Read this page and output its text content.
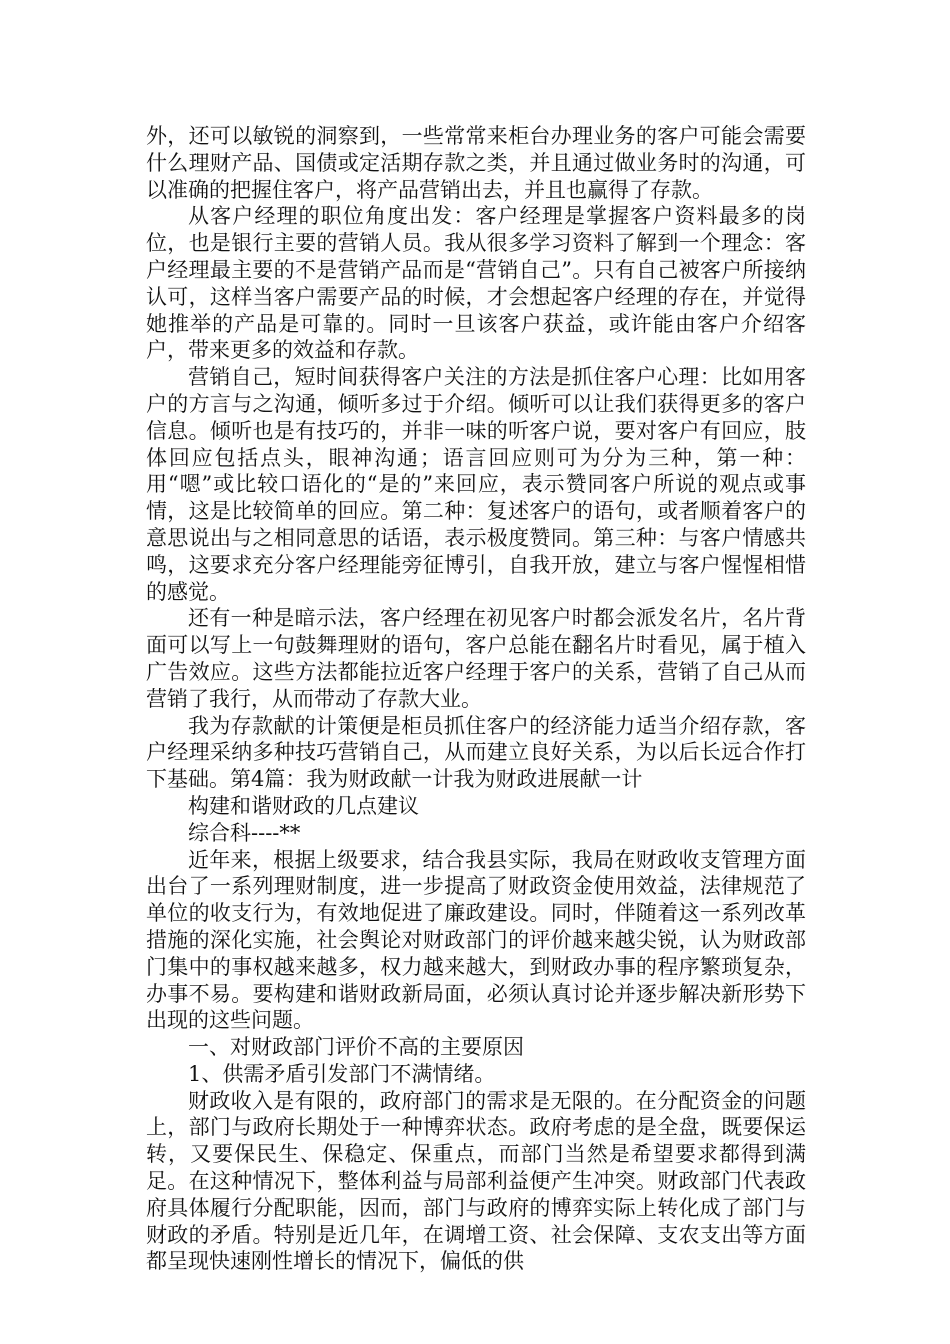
外，还可以敏锐的洞察到，一些常常来柜台办理业务的客户可能会需要什么理财产品、国债或定活期存款之类，并且通过做业务时的沟通，可以准确的把握住客户，将产品营销出去，并且也赢得了存款。

从客户经理的职位角度出发：客户经理是掌握客户资料最多的岗位，也是银行主要的营销人员。我从很多学习资料了解到一个理念：客户经理最主要的不是营销产品而是“营销自己”。只有自己被客户所接纳认可，这样当客户需要产品的时候，才会想起客户经理的存在，并觉得她推举的产品是可靠的。同时一旦该客户获益，或许能由客户介绍客户，带来更多的效益和存款。

营销自己，短时间获得客户关注的方法是抓住客户心理：比如用客户的方言与之沟通，倾听多过于介绍。倾听可以让我们获得更多的客户信息。倾听也是有技巧的，并非一味的听客户说，要对客户有回应，肢体回应包括点头，眼神沟通；语言回应则可为分为三种，第一种：用“嗯”或比较口语化的“是的”来回应，表示赞同客户所说的观点或事情，这是比较简单的回应。第二种：复述客户的语句，或者顺着客户的意思说出与之相同意思的话语，表示极度赞同。第三种：与客户情感共鸣，这要求充分客户经理能旁征博引，自我开放，建立与客户惺惺相惜的感觉。

还有一种是暗示法，客户经理在初见客户时都会派发名片，名片背面可以写上一句鼓舞理财的语句，客户总能在翻名片时看见，属于植入广告效应。这些方法都能拉近客户经理于客户的关系，营销了自己从而营销了我行，从而带动了存款大业。

我为存款献的计策便是柜员抓住客户的经济能力适当介绍存款，客户经理采纳多种技巧营销自己，从而建立良好关系，为以后长远合作打下基础。第4篇：我为财政献一计我为财政进展献一计

构建和谐财政的几点建议

综合科----**

近年来，根据上级要求，结合我县实际，我局在财政收支管理方面出台了一系列理财制度，进一步提高了财政资金使用效益，法律规范了单位的收支行为，有效地促进了廉政建设。同时，伴随着这一系列改革措施的深化实施，社会舆论对财政部门的评价越来越尖锐，认为财政部门集中的事权越来越多，权力越来越大，到财政办事的程序繁琐复杂，办事不易。要构建和谐财政新局面，必须认真讨论并逐步解决新形势下出现的这些问题。

一、对财政部门评价不高的主要原因

1、供需矛盾引发部门不满情绪。

财政收入是有限的，政府部门的需求是无限的。在分配资金的问题上，部门与政府长期处于一种博弈状态。政府考虑的是全盘，既要保运转，又要保民生、保稳定、保重点，而部门当然是希望要求都得到满足。在这种情况下，整体利益与局部利益便产生冲突。财政部门代表政府具体履行分配职能，因而，部门与政府的博弈实际上转化成了部门与财政的矛盾。特别是近几年，在调增工资、社会保障、支农支出等方面都呈现快速刚性增长的情况下，偏低的供
